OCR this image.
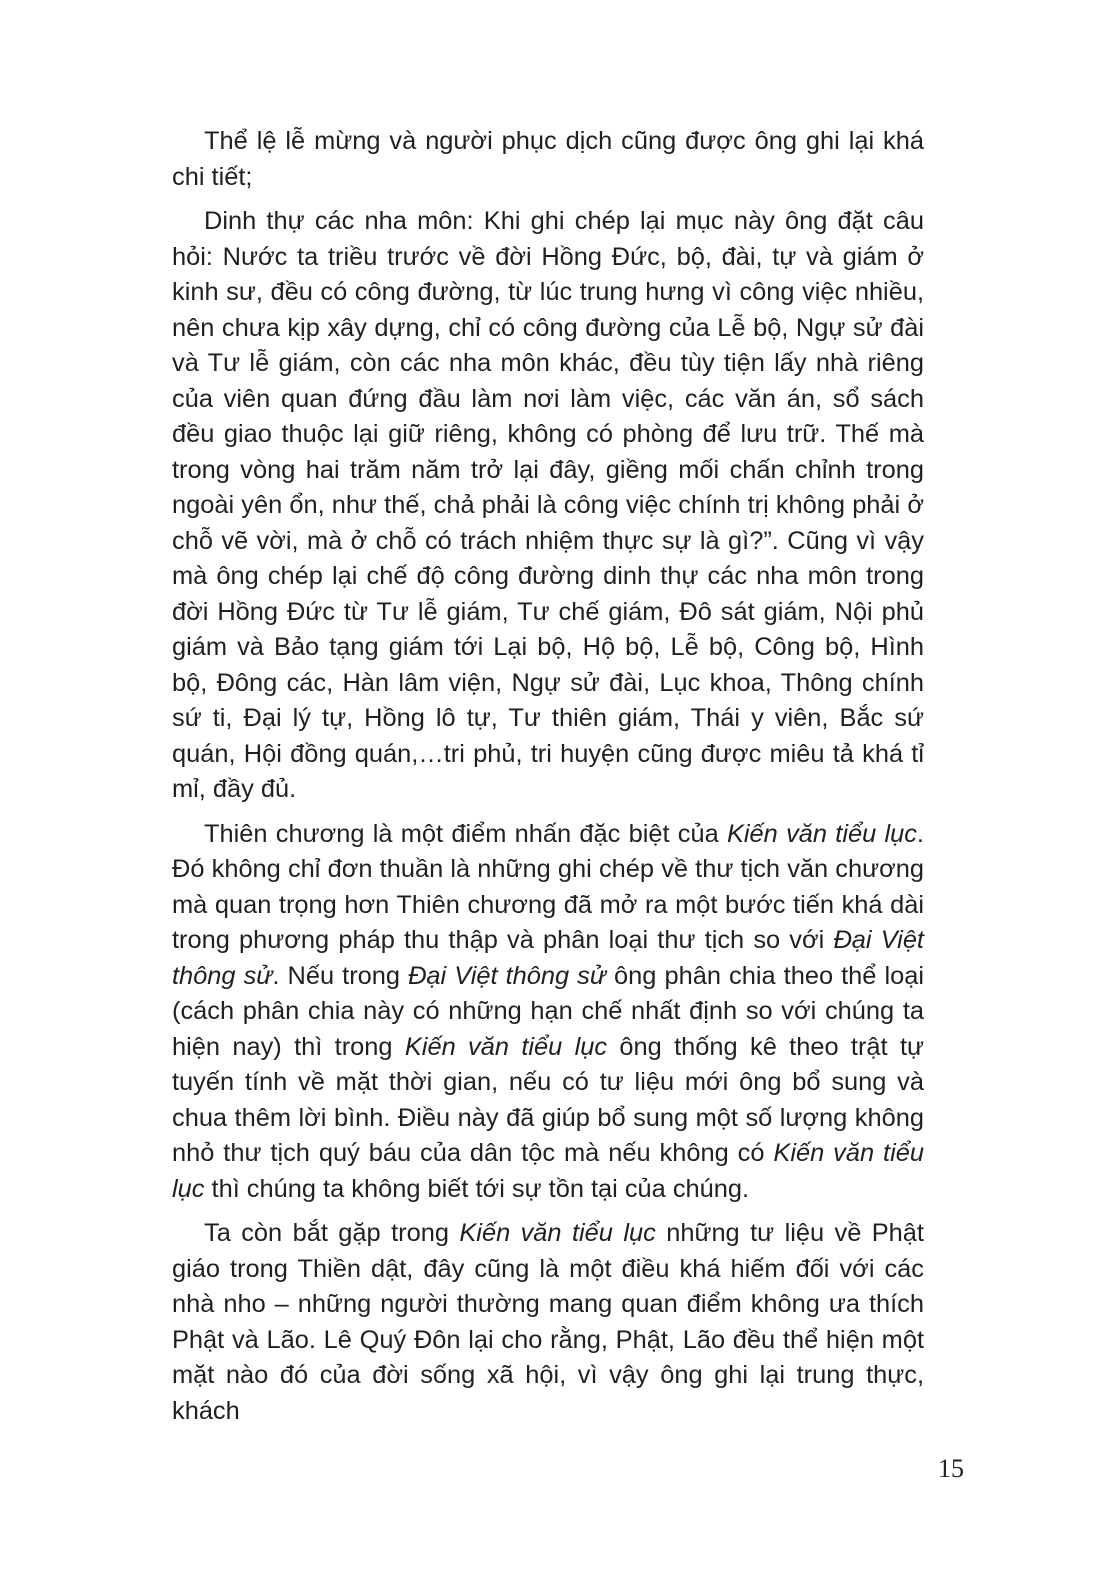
Thể lệ lễ mừng và người phục dịch cũng được ông ghi lại khá chi tiết;

Dinh thự các nha môn: Khi ghi chép lại mục này ông đặt câu hỏi: Nước ta triều trước về đời Hồng Đức, bộ, đài, tự và giám ở kinh sư, đều có công đường, từ lúc trung hưng vì công việc nhiều, nên chưa kịp xây dựng, chỉ có công đường của Lễ bộ, Ngự sử đài và Tư lễ giám, còn các nha môn khác, đều tùy tiện lấy nhà riêng của viên quan đứng đầu làm nơi làm việc, các văn án, sổ sách đều giao thuộc lại giữ riêng, không có phòng để lưu trữ. Thế mà trong vòng hai trăm năm trở lại đây, giềng mối chấn chỉnh trong ngoài yên ổn, như thế, chả phải là công việc chính trị không phải ở chỗ vẽ vời, mà ở chỗ có trách nhiệm thực sự là gì?”. Cũng vì vậy mà ông chép lại chế độ công đường dinh thự các nha môn trong đời Hồng Đức từ Tư lễ giám, Tư chế giám, Đô sát giám, Nội phủ giám và Bảo tạng giám tới Lại bộ, Hộ bộ, Lễ bộ, Công bộ, Hình bộ, Đông các, Hàn lâm viện, Ngự sử đài, Lục khoa, Thông chính sứ ti, Đại lý tự, Hồng lô tự, Tư thiên giám, Thái y viên, Bắc sứ quán, Hội đồng quán,…tri phủ, tri huyện cũng được miêu tả khá tỉ mỉ, đầy đủ.

Thiên chương là một điểm nhấn đặc biệt của Kiến văn tiểu lục. Đó không chỉ đơn thuần là những ghi chép về thư tịch văn chương mà quan trọng hơn Thiên chương đã mở ra một bước tiến khá dài trong phương pháp thu thập và phân loại thư tịch so với Đại Việt thông sử. Nếu trong Đại Việt thông sử ông phân chia theo thể loại (cách phân chia này có những hạn chế nhất định so với chúng ta hiện nay) thì trong Kiến văn tiểu lục ông thống kê theo trật tự tuyến tính về mặt thời gian, nếu có tư liệu mới ông bổ sung và chua thêm lời bình. Điều này đã giúp bổ sung một số lượng không nhỏ thư tịch quý báu của dân tộc mà nếu không có Kiến văn tiểu lục thì chúng ta không biết tới sự tồn tại của chúng.

Ta còn bắt gặp trong Kiến văn tiểu lục những tư liệu về Phật giáo trong Thiền dật, đây cũng là một điều khá hiếm đối với các nhà nho – những người thường mang quan điểm không ưa thích Phật và Lão. Lê Quý Đôn lại cho rằng, Phật, Lão đều thể hiện một mặt nào đó của đời sống xã hội, vì vậy ông ghi lại trung thực, khách

15
